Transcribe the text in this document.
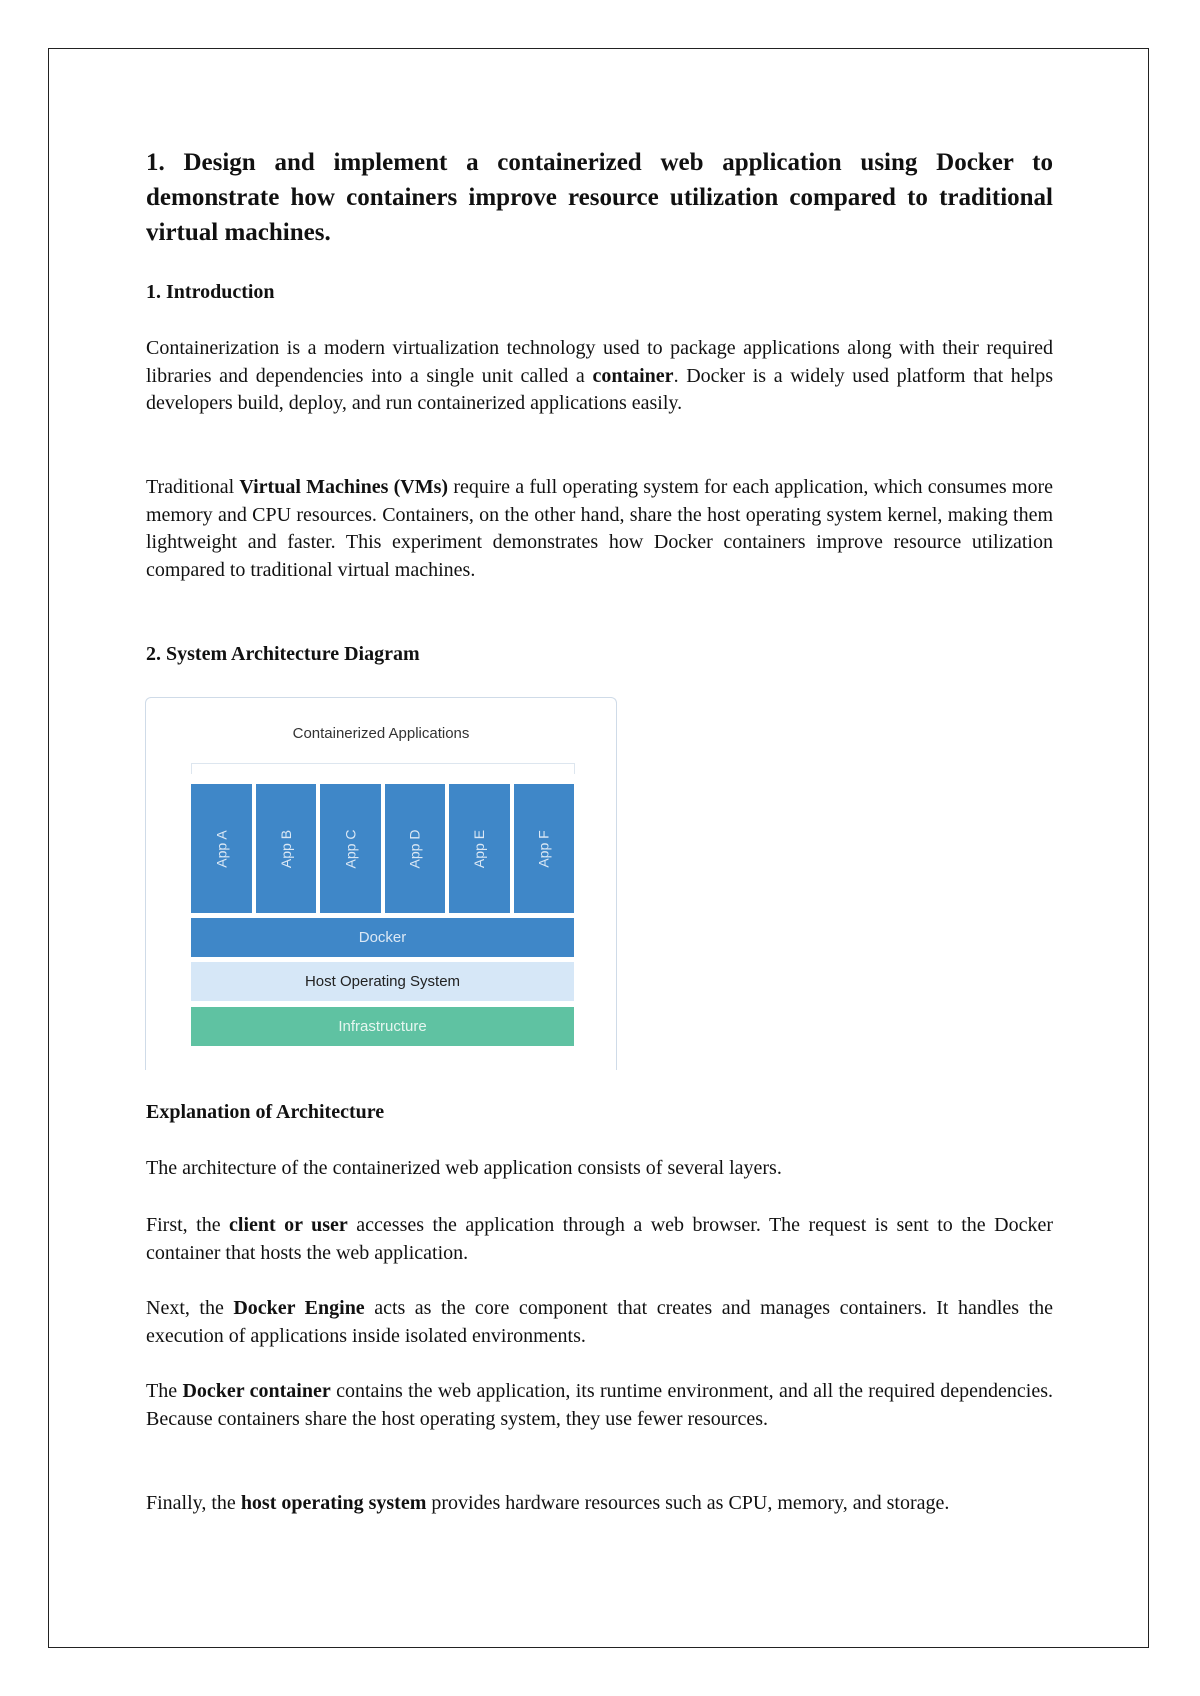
1. Design and implement a containerized web application using Docker to demonstrate how containers improve resource utilization compared to traditional virtual machines.
1. Introduction

Containerization is a modern virtualization technology used to package applications along with their required libraries and dependencies into a single unit called a container. Docker is a widely used platform that helps developers build, deploy, and run containerized applications easily.

Traditional Virtual Machines (VMs) require a full operating system for each application, which consumes more memory and CPU resources. Containers, on the other hand, share the host operating system kernel, making them lightweight and faster. This experiment demonstrates how Docker containers improve resource utilization compared to traditional virtual machines.

2. System Architecture Diagram
Explanation of Architecture

The architecture of the containerized web application consists of several layers.

First, the client or user accesses the application through a web browser. The request is sent to the Docker container that hosts the web application.

Next, the Docker Engine acts as the core component that creates and manages containers. It handles the execution of applications inside isolated environments.

The Docker container contains the web application, its runtime environment, and all the required dependencies. Because containers share the host operating system, they use fewer resources.

Finally, the host operating system provides hardware resources such as CPU, memory, and storage.

Containerized Applications
App A	App B	App C	App D	App E	App F
Docker
Host Operating System
Infrastructure
